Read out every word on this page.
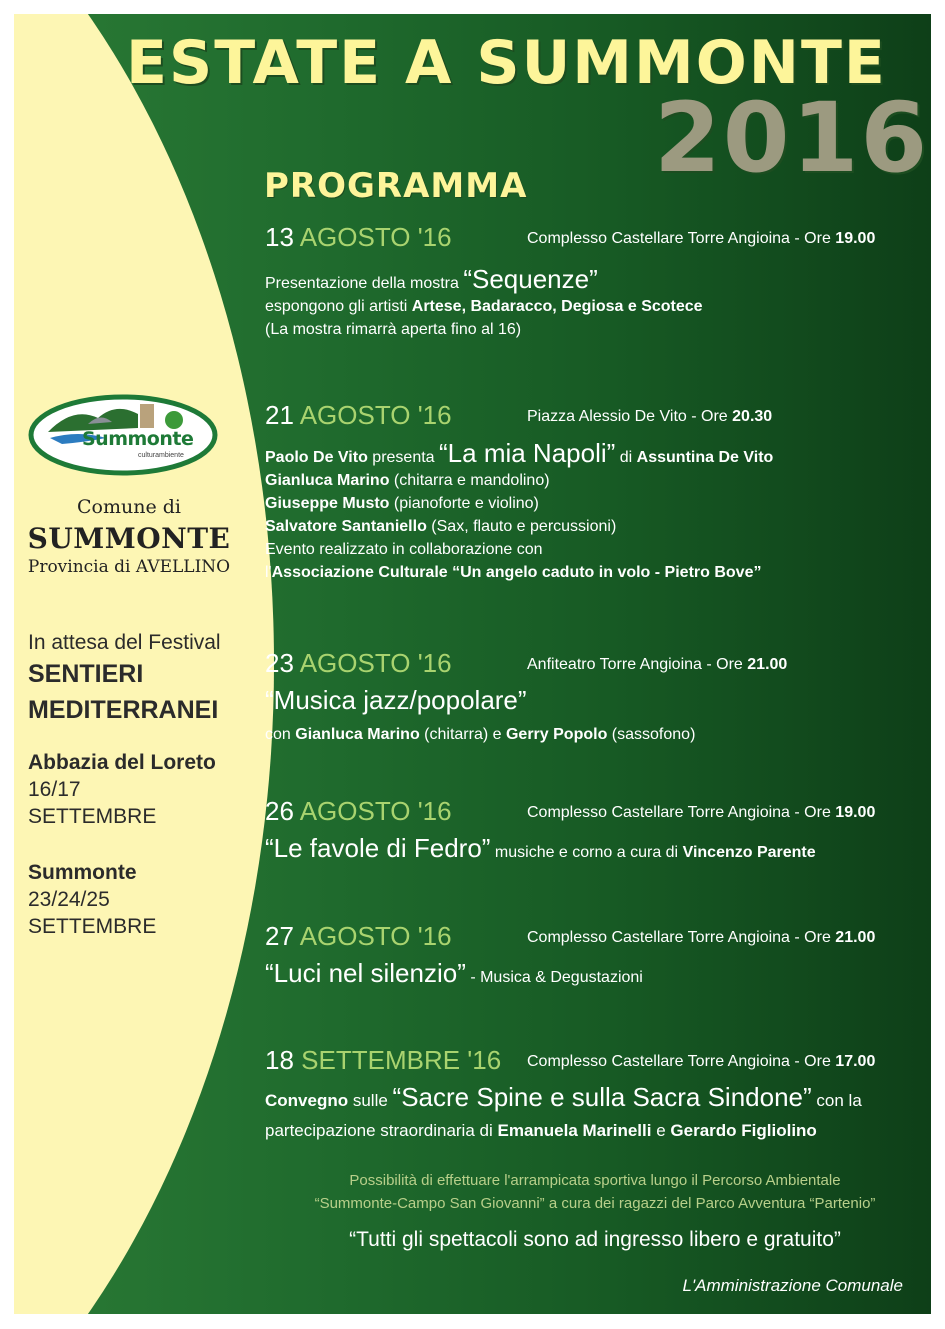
ESTATE A SUMMONTE
2016
PROGRAMMA
13 AGOSTO '16	Complesso Castellare Torre Angioina - Ore 19.00
Presentazione della mostra “Sequenze”
espongono gli artisti Artese, Badaracco, Degiosa e Scotece
(La mostra rimarrà aperta fino al 16)
21 AGOSTO '16	Piazza Alessio De Vito - Ore 20.30
Paolo De Vito presenta “La mia Napoli” di Assuntina De Vito
Gianluca Marino (chitarra e mandolino)
Giuseppe Musto (pianoforte e violino)
Salvatore Santaniello (Sax, flauto e percussioni)
Evento realizzato in collaborazione con
l'Associazione Culturale “Un angelo caduto in volo - Pietro Bove”
23 AGOSTO '16	Anfiteatro Torre Angioina - Ore 21.00
“Musica jazz/popolare”
con Gianluca Marino (chitarra) e Gerry Popolo (sassofono)
26 AGOSTO '16	Complesso Castellare Torre Angioina - Ore 19.00
“Le favole di Fedro” musiche e corno a cura di Vincenzo Parente
27 AGOSTO '16	Complesso Castellare Torre Angioina - Ore 21.00
“Luci nel silenzio” - Musica & Degustazioni
18 SETTEMBRE '16 Complesso Castellare Torre Angioina - Ore 17.00
Convegno sulle “Sacre Spine e sulla Sacra Sindone” con la
partecipazione straordinaria di Emanuela Marinelli e Gerardo Figliolino
Possibilità di effettuare l'arrampicata sportiva lungo il Percorso Ambientale
“Summonte-Campo San Giovanni” a cura dei ragazzi del Parco Avventura “Partenio”
“Tutti gli spettacoli sono ad ingresso libero e gratuito”
L'Amministrazione Comunale
Summonte
culturambiente
Comune di
SUMMONTE
Provincia di AVELLINO
In attesa del Festival
SENTIERI
MEDITERRANEI
Abbazia del Loreto
16/17
SETTEMBRE
Summonte
23/24/25
SETTEMBRE
